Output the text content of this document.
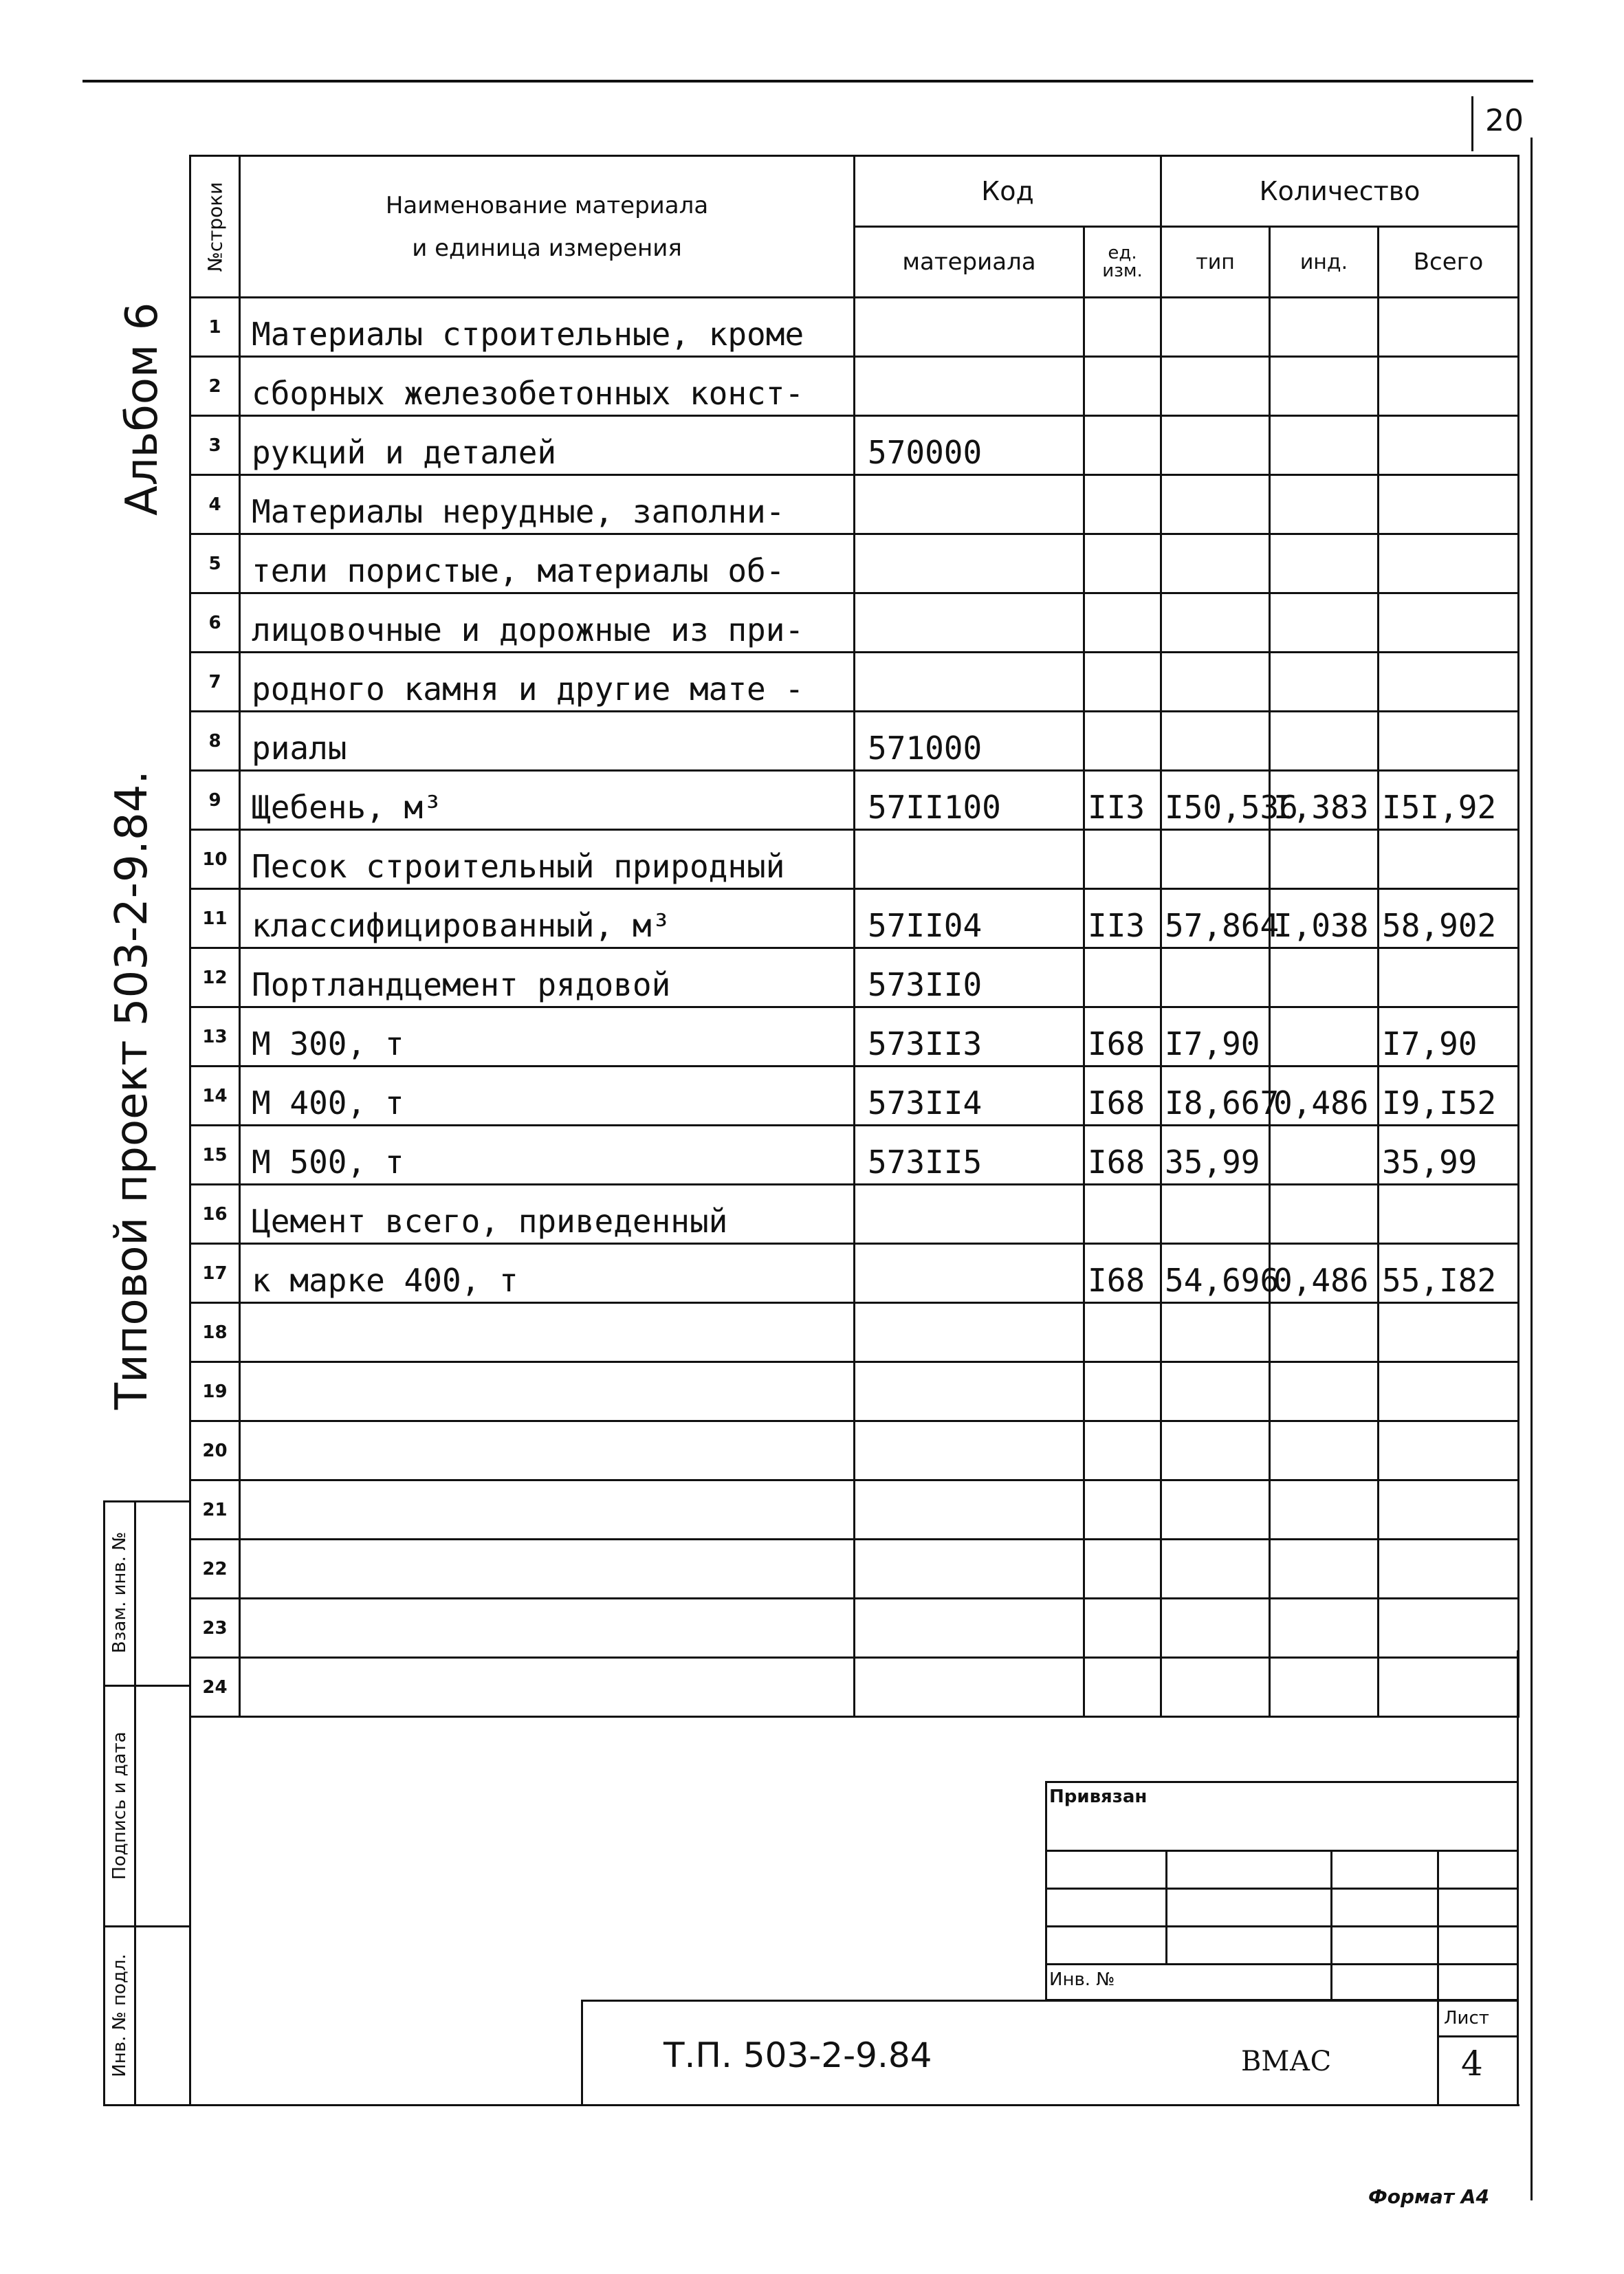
20
Альбом 6
Типовой проект 503-2-9.84.
№строки	Наименование материала
и единица измерения	Код		Количество		
		материала	ед. изм.	тип	инд.	Всего
1	Материалы строительные, кроме					
2	сборных железобетонных конст-					
3	рукций и деталей	570000				
4	Материалы нерудные, заполни-					
5	тели пористые, материалы об-					
6	лицовочные и дорожные из при-					
7	родного камня и другие мате -					
8	риалы	571000				
9	Щебень, м³	57II100	II3	I50,536	I,383	I5I,92
10	Песок строительный природный					
11	классифицированный, м³	57II04	II3	57,864	I,038	58,902
12	Портландцемент рядовой	573II0				
13	М 300, т	573II3	I68	I7,90		I7,90
14	М 400, т	573II4	I68	I8,667	0,486	I9,I52
15	М 500, т	573II5	I68	35,99		35,99
16	Цемент всего, приведенный					
17	к марке 400, т		I68	54,696	0,486	55,I82
18						
19						
20						
21						
22						
23						
24						
Взам. инв. №
Подпись и дата
Инв. № подл.
Привязан
Инв. №
Т.П. 503-2-9.84	ВМАС
Лист
4
Формат А4
